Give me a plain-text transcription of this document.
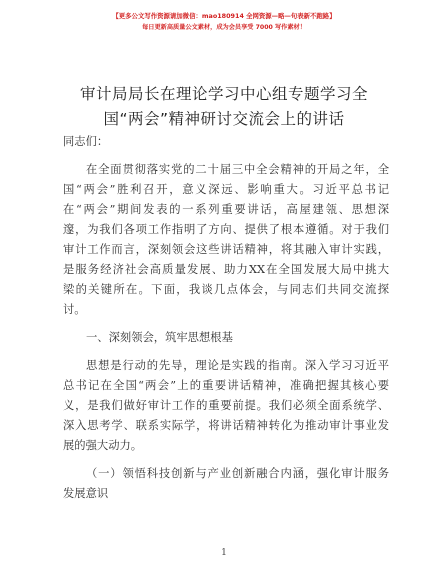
【更多公文写作资源请加微信：mao180914 全网资源—略—句表新不跑路】
每日更新高质量公文素材，成为会员享受 7000 写作素材！
审计局局长在理论学习中心组专题学习全
国“两会”精神研讨交流会上的讲话
同志们：
在全面贯彻落实党的二十届三中全会精神的开局之年，全
国“两会”胜利召开，意义深远、影响重大。习近平总书记
在“两会”期间发表的一系列重要讲话，高屋建瓴、思想深
邃，为我们各项工作指明了方向、提供了根本遵循。对于我们
审计工作而言，深刻领会这些讲话精神，将其融入审计实践，
是服务经济社会高质量发展、助力XX在全国发展大局中挑大
梁的关键所在。下面，我谈几点体会，与同志们共同交流探
讨。
一、深刻领会，筑牢思想根基
思想是行动的先导，理论是实践的指南。深入学习习近平
总书记在全国“两会”上的重要讲话精神，准确把握其核心要
义，是我们做好审计工作的重要前提。我们必须全面系统学、
深入思考学、联系实际学，将讲话精神转化为推动审计事业发
展的强大动力。
（一）领悟科技创新与产业创新融合内涵，强化审计服务
发展意识
1
